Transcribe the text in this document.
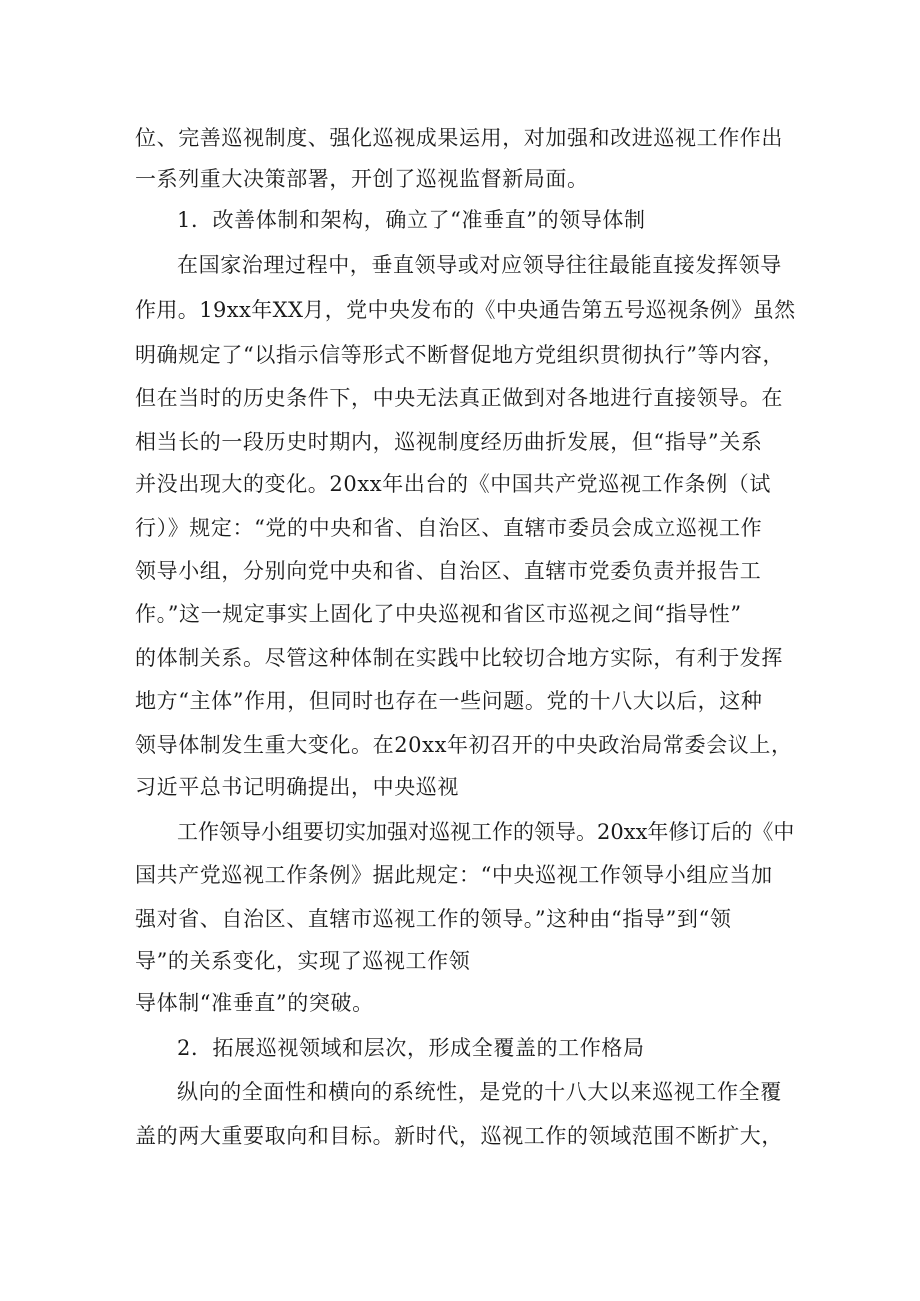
位、完善巡视制度、强化巡视成果运用，对加强和改进巡视工作作出
一系列重大决策部署，开创了巡视监督新局面。
1．改善体制和架构，确立了“准垂直”的领导体制
在国家治理过程中，垂直领导或对应领导往往最能直接发挥领导
作用。19xx年XX月，党中央发布的《中央通告第五号巡视条例》虽然
明确规定了“以指示信等形式不断督促地方党组织贯彻执行”等内容，
但在当时的历史条件下，中央无法真正做到对各地进行直接领导。在
相当长的一段历史时期内，巡视制度经历曲折发展，但“指导”关系
并没出现大的变化。20xx年出台的《中国共产党巡视工作条例（试
行）》规定：“党的中央和省、自治区、直辖市委员会成立巡视工作
领导小组，分别向党中央和省、自治区、直辖市党委负责并报告工
作。”这一规定事实上固化了中央巡视和省区市巡视之间“指导性”
的体制关系。尽管这种体制在实践中比较切合地方实际，有利于发挥
地方“主体”作用，但同时也存在一些问题。党的十八大以后，这种
领导体制发生重大变化。在20xx年初召开的中央政治局常委会议上，
习近平总书记明确提出，中央巡视
工作领导小组要切实加强对巡视工作的领导。20xx年修订后的《中
国共产党巡视工作条例》据此规定：“中央巡视工作领导小组应当加
强对省、自治区、直辖市巡视工作的领导。”这种由“指导”到“领
导”的关系变化，实现了巡视工作领
导体制“准垂直”的突破。
2．拓展巡视领域和层次，形成全覆盖的工作格局
纵向的全面性和横向的系统性，是党的十八大以来巡视工作全覆
盖的两大重要取向和目标。新时代，巡视工作的领域范围不断扩大，
